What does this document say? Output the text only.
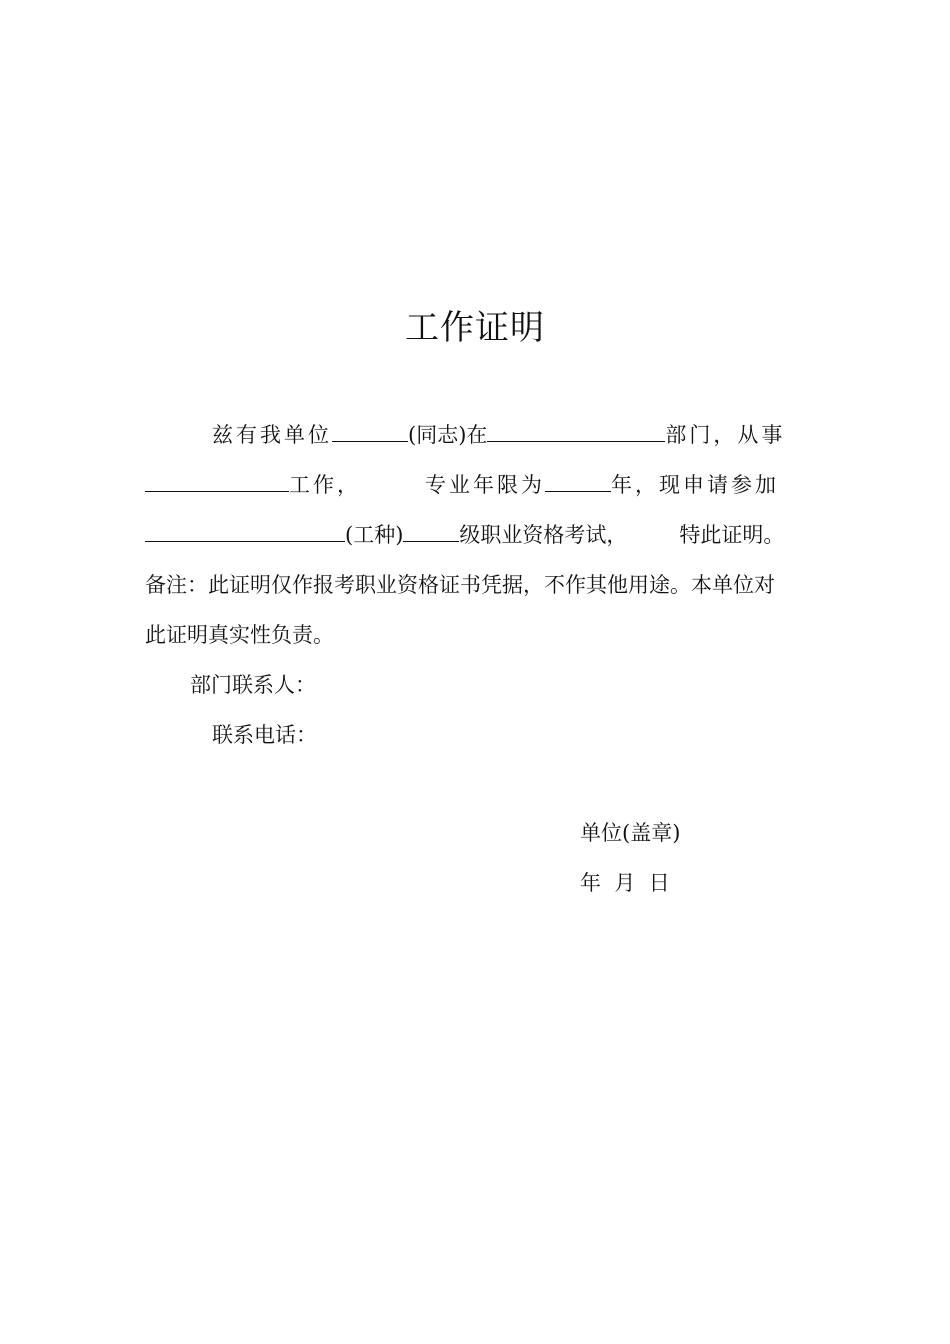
工作证明
兹有我单位	(同志)在	部门，从事
工作，	专业年限为	年，现申请参加
(工种)	级职业资格考试， 特此证明。
备注：此证明仅作报考职业资格证书凭据，不作其他用途。本单位对
此证明真实性负责。
部门联系人：
联系电话：
单位(盖章)
年  月  日
